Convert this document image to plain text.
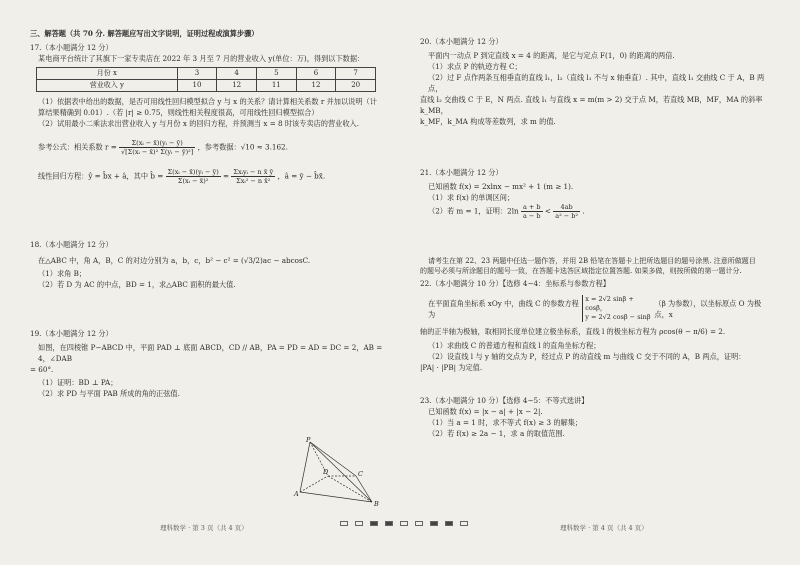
三、解答题（共 70 分. 解答题应写出文字说明，证明过程或演算步骤）

17.（本小题满分 12 分）

某电商平台统计了其旗下一家专卖店在 2022 年 3 月至 7 月的营业收入 y(单位：万)，得到以下数据：

月份 x	3	4	5	6	7
营业收入 y	10	12	11	12	20

（1）依据表中给出的数据，是否可用线性回归模型拟合 y 与 x 的关系？请计算相关系数 r 并加以说明（计

算结果精确到 0.01）.（若 |r| ≥ 0.75，则线性相关程度很高，可用线性回归模型拟合）

（2）试用最小二乘法求出营业收入 y 与月份 x 的回归方程，并预测当 x = 8 时该专卖店的营业收入.

参考公式：相关系数 $r = \frac{\text{Σ(xᵢ − x̄)(yᵢ − ȳ)}}{\text{√[Σ(xᵢ − x̄)² Σ(yᵢ − ȳ)²]}}$ ，参考数据：√10 ≈ 3.162.
线性回归方程：ŷ = b̂x + â，其中 b̂ = $\frac{\text{Σ(xᵢ − x̄)(yᵢ − ȳ)}}{\text{Σ(xᵢ − x̄)²}} = \frac{\text{Σxᵢyᵢ − n x̄ ȳ}}{\text{Σxᵢ² − n x̄²}}$ ，â = ȳ − b̂x̄.

18.（本小题满分 12 分）

在△ABC 中，角 A，B，C 的对边分别为 a，b，c，b² − c² = (√3/2)ac − abcosC.

（1）求角 B；

（2）若 D 为 AC 的中点，BD = 1，求△ABC 面积的最大值.

19.（本小题满分 12 分）

如图，在四棱锥 P−ABCD 中，平面 PAD ⊥ 底面 ABCD，CD // AB，PA = PD = AD = DC = 2，AB = 4，∠DAB

= 60°.

（1）证明：BD ⊥ PA；

（2）求 PD 与平面 PAB 所成的角的正弦值.

P
D	C
A
B

20.（本小题满分 12 分）

平面内一动点 P 到定直线 x = 4 的距离，是它与定点 F(1，0) 的距离的两倍.

（1）求点 P 的轨迹方程 C；

（2）过 F 点作两条互相垂直的直线 l₁，l₂（直线 l₁ 不与 x 轴垂直）. 其中，直线 l₁ 交曲线 C 于 A，B 两点，

直线 l₂ 交曲线 C 于 E，N 两点. 直线 l₁ 与直线 x = m(m > 2) 交于点 M，若直线 MB，MF，MA 的斜率 k_MB，

k_MF，k_MA 构成等差数列，求 m 的值.

21.（本小题满分 12 分）

已知函数 f(x) = 2xlnx − mx² + 1 (m ≥ 1).

（1）求 f(x) 的单调区间；

（2）若 m = 1，证明：$2\ln \frac{a + b}{a - b} < \frac{4ab}{\text{a² − b²}}$ .

请考生在第 22、23 两题中任选一题作答，并用 2B 铅笔在答题卡上把所选题目的题号涂黑. 注意所做题目

的题号必须与所涂题目的题号一致，在答题卡选答区域指定位置答题. 如果多做，则按所做的第一题计分.

22.（本小题满分 10 分）【选修 4−4：坐标系与参数方程】

在平面直角坐标系 xOy 中，曲线 C 的参数方程为
x = 2√2 sinβ + cosβ，
y = 2√2 cosβ − sinβ
（β 为参数），以坐标原点 O 为极点，x

轴的正半轴为极轴，取相同长度单位建立极坐标系，直线 l 的极坐标方程为 ρcos(θ − π/6) = 2.

（1）求曲线 C 的普通方程和直线 l 的直角坐标方程；

（2）设直线 l 与 y 轴的交点为 P，经过点 P 的动直线 m 与曲线 C 交于不同的 A，B 两点，证明：

|PA| · |PB| 为定值.

23.（本小题满分 10 分）【选修 4−5：不等式选讲】

已知函数 f(x) = |x − a| + |x − 2|.

（1）当 a = 1 时，求不等式 f(x) ≥ 3 的解集；

（2）若 f(x) ≥ 2a − 1，求 a 的取值范围.

理科数学 · 第 3 页（共 4 页）	理科数学 · 第 4 页（共 4 页）
